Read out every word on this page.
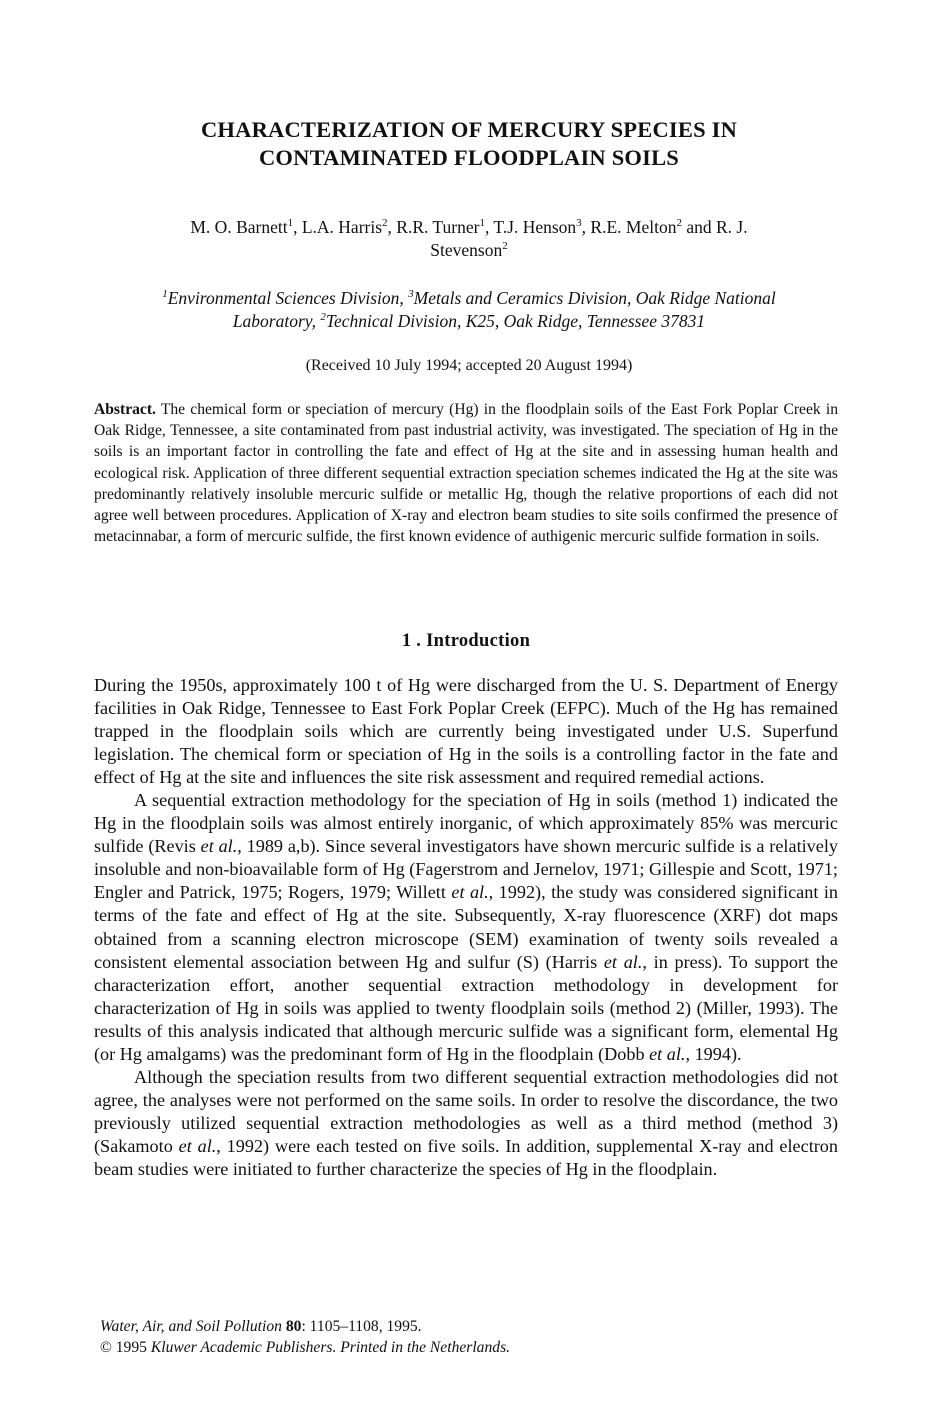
CHARACTERIZATION OF MERCURY SPECIES IN
CONTAMINATED FLOODPLAIN SOILS
M. O. Barnett$^1$, L.A. Harris$^2$, R.R. Turner$^1$, T.J. Henson$^3$, R.E. Melton$^2$ and R. J.
Stevenson$^2$
$^1$Environmental Sciences Division, $^3$Metals and Ceramics Division, Oak Ridge National
Laboratory, $^2$Technical Division, K25, Oak Ridge, Tennessee 37831
(Received 10 July 1994; accepted 20 August 1994)
Abstract. The chemical form or speciation of mercury (Hg) in the floodplain soils of the East Fork Poplar Creek in Oak Ridge, Tennessee, a site contaminated from past industrial activity, was investigated. The speciation of Hg in the soils is an important factor in controlling the fate and effect of Hg at the site and in assessing human health and ecological risk. Application of three different sequential extraction speciation schemes indicated the Hg at the site was predominantly relatively insoluble mercuric sulfide or metallic Hg, though the relative proportions of each did not agree well between procedures. Application of X-ray and electron beam studies to site soils confirmed the presence of metacinnabar, a form of mercuric sulfide, the first known evidence of authigenic mercuric sulfide formation in soils.
1 . Introduction

During the 1950s, approximately 100 t of Hg were discharged from the U. S. Department of Energy facilities in Oak Ridge, Tennessee to East Fork Poplar Creek (EFPC). Much of the Hg has remained trapped in the floodplain soils which are currently being investigated under U.S. Superfund legislation. The chemical form or speciation of Hg in the soils is a controlling factor in the fate and effect of Hg at the site and influences the site risk assessment and required remedial actions.

A sequential extraction methodology for the speciation of Hg in soils (method 1) indicated the Hg in the floodplain soils was almost entirely inorganic, of which approximately 85% was mercuric sulfide (Revis et al., 1989 a,b). Since several investigators have shown mercuric sulfide is a relatively insoluble and non-bioavailable form of Hg (Fagerstrom and Jernelov, 1971; Gillespie and Scott, 1971; Engler and Patrick, 1975; Rogers, 1979; Willett et al., 1992), the study was considered significant in terms of the fate and effect of Hg at the site. Subsequently, X-ray fluorescence (XRF) dot maps obtained from a scanning electron microscope (SEM) examination of twenty soils revealed a consistent elemental association between Hg and sulfur (S) (Harris et al., in press). To support the characterization effort, another sequential extraction methodology in development for characterization of Hg in soils was applied to twenty floodplain soils (method 2) (Miller, 1993). The results of this analysis indicated that although mercuric sulfide was a significant form, elemental Hg (or Hg amalgams) was the predominant form of Hg in the floodplain (Dobb et al., 1994).

Although the speciation results from two different sequential extraction methodologies did not agree, the analyses were not performed on the same soils. In order to resolve the discordance, the two previously utilized sequential extraction methodologies as well as a third method (method 3) (Sakamoto et al., 1992) were each tested on five soils. In addition, supplemental X-ray and electron beam studies were initiated to further characterize the species of Hg in the floodplain.

Water, Air, and Soil Pollution 80: 1105–1108, 1995.
© 1995 Kluwer Academic Publishers. Printed in the Netherlands.
